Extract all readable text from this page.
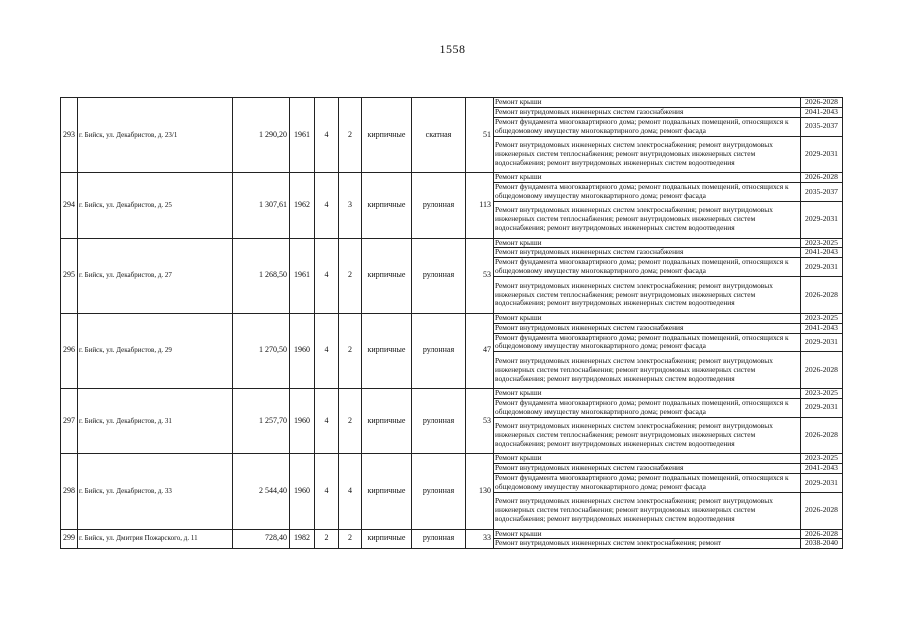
1558
293	г. Бийск, ул. Декабристов, д. 23/1	1 290,20	1961	4	2	кирпичные	скатная	51	Ремонт крыши	2026-2028
									Ремонт внутридомовых инженерных систем газоснабжения	2041-2043
									Ремонт фундамента многоквартирного дома; ремонт подвальных помещений, относящихся к общедомовому имуществу многоквартирного дома; ремонт фасада	2035-2037
									Ремонт внутридомовых инженерных систем электроснабжения; ремонт внутридомовых инженерных систем теплоснабжения; ремонт внутридомовых инженерных систем водоснабжения; ремонт внутридомовых инженерных систем водоотведения	2029-2031
294	г. Бийск, ул. Декабристов, д. 25	1 307,61	1962	4	3	кирпичные	рулонная	113	Ремонт крыши	2026-2028
									Ремонт фундамента многоквартирного дома; ремонт подвальных помещений, относящихся к общедомовому имуществу многоквартирного дома; ремонт фасада	2035-2037
									Ремонт внутридомовых инженерных систем электроснабжения; ремонт внутридомовых инженерных систем теплоснабжения; ремонт внутридомовых инженерных систем водоснабжения; ремонт внутридомовых инженерных систем водоотведения	2029-2031
295	г. Бийск, ул. Декабристов, д. 27	1 268,50	1961	4	2	кирпичные	рулонная	53	Ремонт крыши	2023-2025
									Ремонт внутридомовых инженерных систем газоснабжения	2041-2043
									Ремонт фундамента многоквартирного дома; ремонт подвальных помещений, относящихся к общедомовому имуществу многоквартирного дома; ремонт фасада	2029-2031
									Ремонт внутридомовых инженерных систем электроснабжения; ремонт внутридомовых инженерных систем теплоснабжения; ремонт внутридомовых инженерных систем водоснабжения; ремонт внутридомовых инженерных систем водоотведения	2026-2028
296	г. Бийск, ул. Декабристов, д. 29	1 270,50	1960	4	2	кирпичные	рулонная	47	Ремонт крыши	2023-2025
									Ремонт внутридомовых инженерных систем газоснабжения	2041-2043
									Ремонт фундамента многоквартирного дома; ремонт подвальных помещений, относящихся к общедомовому имуществу многоквартирного дома; ремонт фасада	2029-2031
									Ремонт внутридомовых инженерных систем электроснабжения; ремонт внутридомовых инженерных систем теплоснабжения; ремонт внутридомовых инженерных систем водоснабжения; ремонт внутридомовых инженерных систем водоотведения	2026-2028
297	г. Бийск, ул. Декабристов, д. 31	1 257,70	1960	4	2	кирпичные	рулонная	53	Ремонт крыши	2023-2025
									Ремонт фундамента многоквартирного дома; ремонт подвальных помещений, относящихся к общедомовому имуществу многоквартирного дома; ремонт фасада	2029-2031
									Ремонт внутридомовых инженерных систем электроснабжения; ремонт внутридомовых инженерных систем теплоснабжения; ремонт внутридомовых инженерных систем водоснабжения; ремонт внутридомовых инженерных систем водоотведения	2026-2028
298	г. Бийск, ул. Декабристов, д. 33	2 544,40	1960	4	4	кирпичные	рулонная	130	Ремонт крыши	2023-2025
									Ремонт внутридомовых инженерных систем газоснабжения	2041-2043
									Ремонт фундамента многоквартирного дома; ремонт подвальных помещений, относящихся к общедомовому имуществу многоквартирного дома; ремонт фасада	2029-2031
									Ремонт внутридомовых инженерных систем электроснабжения; ремонт внутридомовых инженерных систем теплоснабжения; ремонт внутридомовых инженерных систем водоснабжения; ремонт внутридомовых инженерных систем водоотведения	2026-2028
299	г. Бийск, ул. Дмитрия Пожарского, д. 11	728,40	1982	2	2	кирпичные	рулонная	33	Ремонт крыши	2026-2028
									Ремонт внутридомовых инженерных систем электроснабжения; ремонт	2038-2040
